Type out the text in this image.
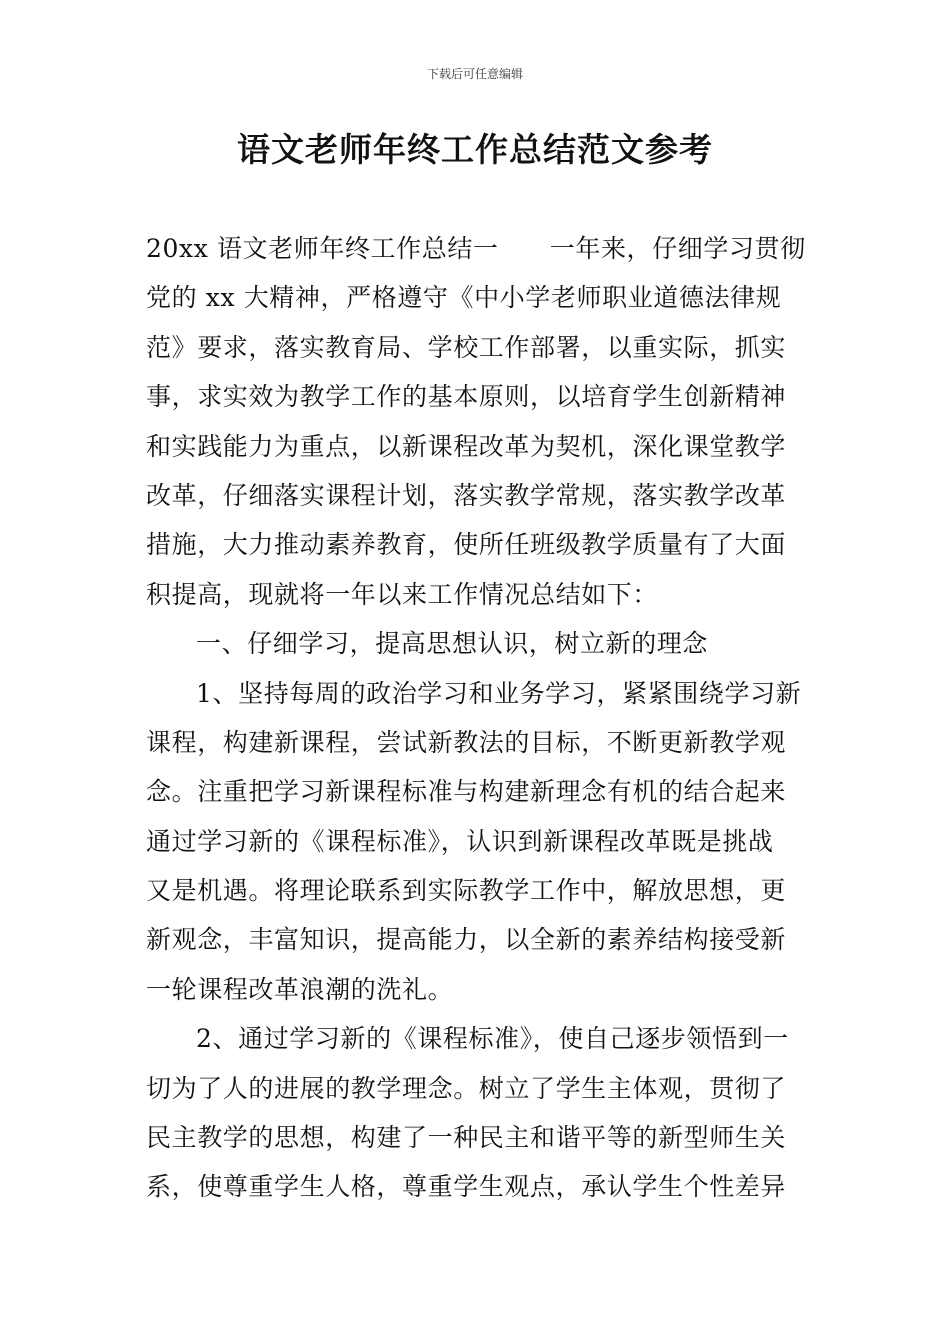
下载后可任意编辑
语文老师年终工作总结范文参考

20xx 语文老师年终工作总结一　　一年来，仔细学习贯彻
党的 xx 大精神，严格遵守《中小学老师职业道德法律规
范》要求，落实教育局、学校工作部署，以重实际，抓实
事，求实效为教学工作的基本原则，以培育学生创新精神
和实践能力为重点，以新课程改革为契机，深化课堂教学
改革，仔细落实课程计划，落实教学常规，落实教学改革
措施，大力推动素养教育，使所任班级教学质量有了大面
积提高，现就将一年以来工作情况总结如下：

一、仔细学习，提高思想认识，树立新的理念

1、坚持每周的政治学习和业务学习，紧紧围绕学习新
课程，构建新课程，尝试新教法的目标，不断更新教学观
念。注重把学习新课程标准与构建新理念有机的结合起来
通过学习新的《课程标准》，认识到新课程改革既是挑战
又是机遇。将理论联系到实际教学工作中，解放思想，更
新观念，丰富知识，提高能力，以全新的素养结构接受新
一轮课程改革浪潮的洗礼。

2、通过学习新的《课程标准》，使自己逐步领悟到一
切为了人的进展的教学理念。树立了学生主体观，贯彻了
民主教学的思想，构建了一种民主和谐平等的新型师生关
系，使尊重学生人格，尊重学生观点，承认学生个性差异
